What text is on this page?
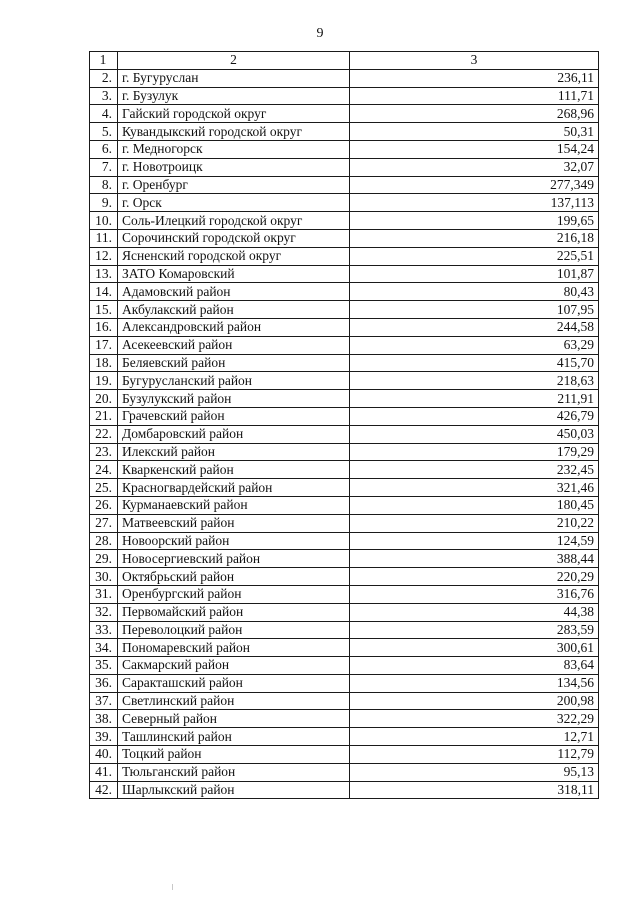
9
1	2	3
2.	г. Бугуруслан	236,11
3.	г. Бузулук	111,71
4.	Гайский городской округ	268,96
5.	Кувандыкский городской округ	50,31
6.	г. Медногорск	154,24
7.	г. Новотроицк	32,07
8.	г. Оренбург	277,349
9.	г. Орск	137,113
10.	Соль-Илецкий городской округ	199,65
11.	Сорочинский городской округ	216,18
12.	Ясненский городской округ	225,51
13.	ЗАТО Комаровский	101,87
14.	Адамовский район	80,43
15.	Акбулакский район	107,95
16.	Александровский район	244,58
17.	Асекеевский район	63,29
18.	Беляевский район	415,70
19.	Бугурусланский район	218,63
20.	Бузулукский район	211,91
21.	Грачевский район	426,79
22.	Домбаровский район	450,03
23.	Илекский район	179,29
24.	Кваркенский район	232,45
25.	Красногвардейский район	321,46
26.	Курманаевский район	180,45
27.	Матвеевский район	210,22
28.	Новоорский район	124,59
29.	Новосергиевский район	388,44
30.	Октябрьский район	220,29
31.	Оренбургский район	316,76
32.	Первомайский район	44,38
33.	Переволоцкий район	283,59
34.	Пономаревский район	300,61
35.	Сакмарский район	83,64
36.	Саракташский район	134,56
37.	Светлинский район	200,98
38.	Северный район	322,29
39.	Ташлинский район	12,71
40.	Тоцкий район	112,79
41.	Тюльганский район	95,13
42.	Шарлыкский район	318,11
